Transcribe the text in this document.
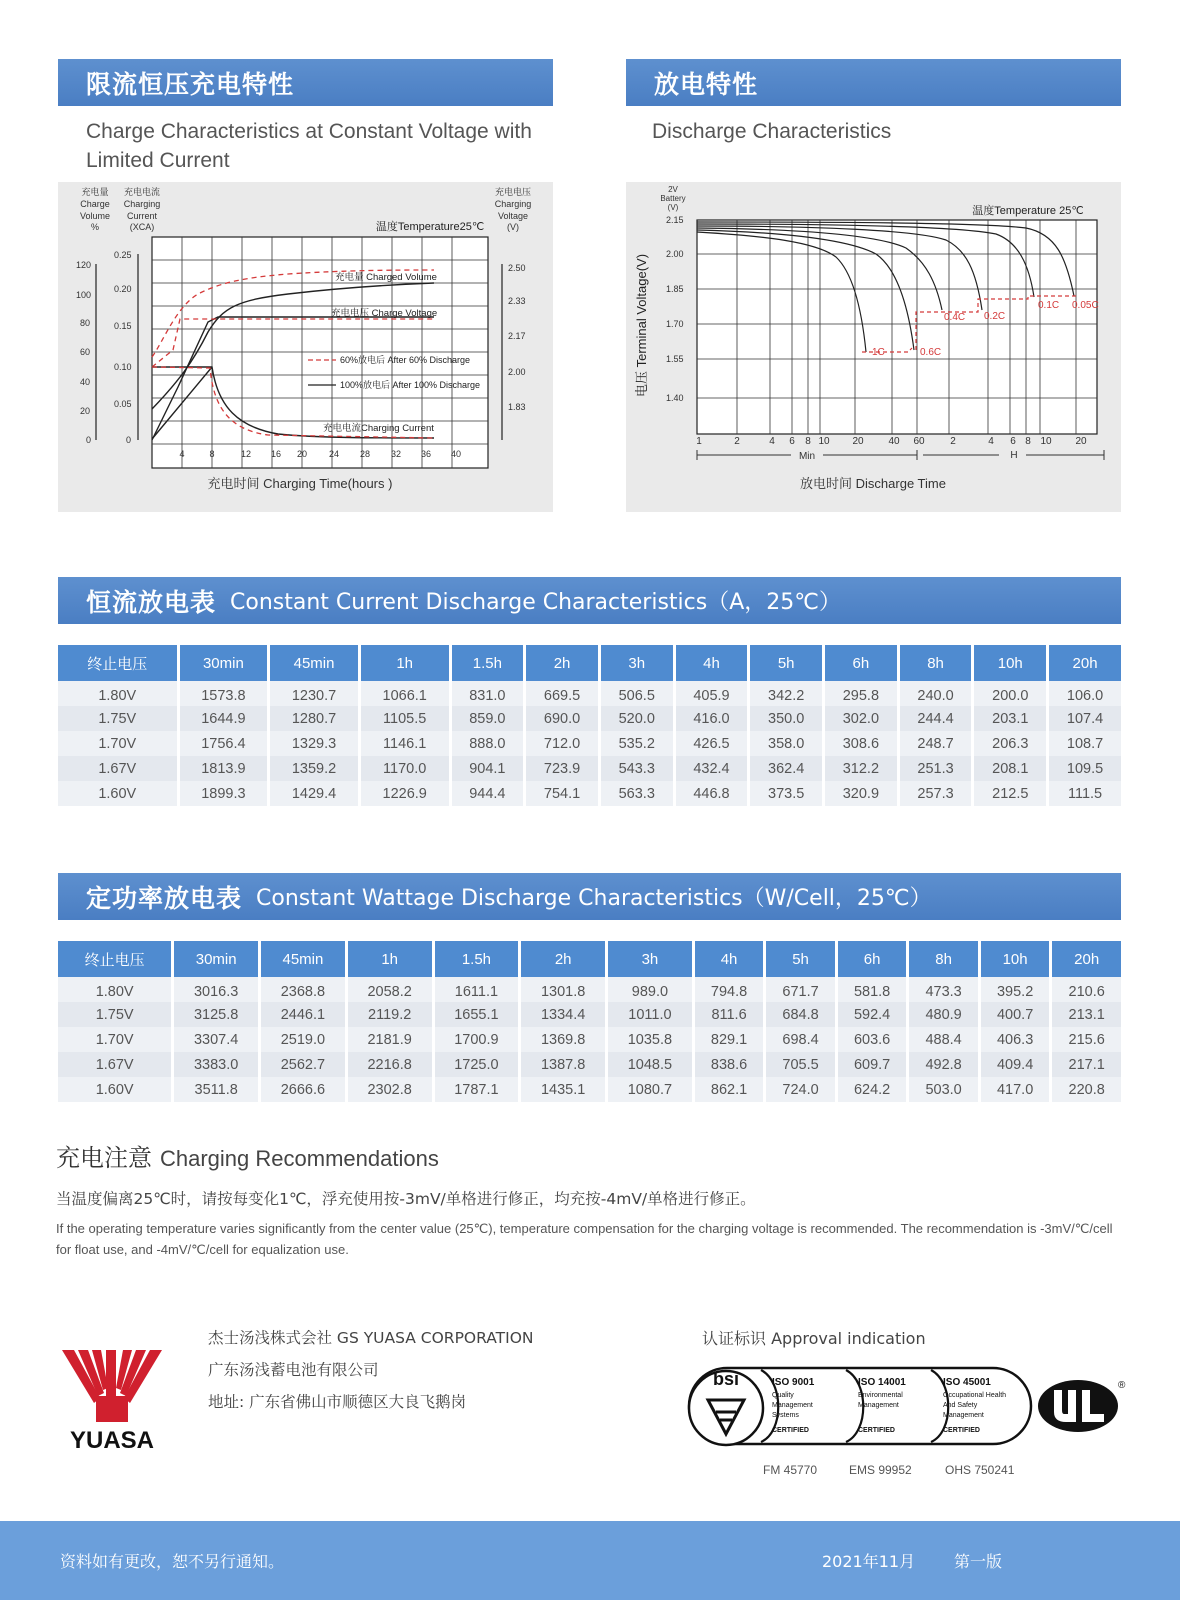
限流恒压充电特性
Charge Characteristics at Constant Voltage with
Limited Current
充电量
Charge
Volume
%
充电电流
Charging
Current
(XCA)
充电电压
Charging
Voltage
(V)
温度Temperature25℃
120
100
80
60
40
20
0
0.25
0.20
0.15
0.10
0.05
0
2.50
2.33
2.17
2.00
1.83
4	8	12 16 20 24 28 32 36 40
充电量 Charged Volume
充电电压 Charge Voltage
充电电流Charging Current
60%放电后 After 60% Discharge
100%放电后 After 100% Discharge
充电时间 Charging Time(hours )
放电特性
Discharge Characteristics
2V
Battery
(V)	温度Temperature 25℃
电压 Terminal Voltage(V)
2.15
2.00
1.85
1.70
1.55
1.40
1	2	4 6 8 10 20 40 60	2	4 6 8 10 20
Min	H
1C	0.6C
0.4C 0.2C
0.1C 0.05C
放电时间 Discharge Time
恒流放电表 Constant Current Discharge Characteristics（A，25℃）
终止电压	30min	45min	1h	1.5h	2h	3h	4h	5h	6h	8h	10h	20h
1.80V	1573.8	1230.7	1066.1	831.0	669.5	506.5	405.9	342.2	295.8	240.0	200.0	106.0
1.75V	1644.9	1280.7	1105.5	859.0	690.0	520.0	416.0	350.0	302.0	244.4	203.1	107.4
1.70V	1756.4	1329.3	1146.1	888.0	712.0	535.2	426.5	358.0	308.6	248.7	206.3	108.7
1.67V	1813.9	1359.2	1170.0	904.1	723.9	543.3	432.4	362.4	312.2	251.3	208.1	109.5
1.60V	1899.3	1429.4	1226.9	944.4	754.1	563.3	446.8	373.5	320.9	257.3	212.5	111.5
定功率放电表 Constant Wattage Discharge Characteristics（W/Cell，25℃）
终止电压	30min	45min	1h	1.5h	2h	3h	4h	5h	6h	8h	10h	20h
1.80V	3016.3	2368.8	2058.2	1611.1	1301.8	989.0	794.8	671.7	581.8	473.3	395.2	210.6
1.75V	3125.8	2446.1	2119.2	1655.1	1334.4	1011.0	811.6	684.8	592.4	480.9	400.7	213.1
1.70V	3307.4	2519.0	2181.9	1700.9	1369.8	1035.8	829.1	698.4	603.6	488.4	406.3	215.6
1.67V	3383.0	2562.7	2216.8	1725.0	1387.8	1048.5	838.6	705.5	609.7	492.8	409.4	217.1
1.60V	3511.8	2666.6	2302.8	1787.1	1435.1	1080.7	862.1	724.0	624.2	503.0	417.0	220.8
充电注意 Charging Recommendations
当温度偏离25℃时，请按每变化1℃，浮充使用按-3mV/单格进行修正，均充按-4mV/单格进行修正。
If the operating temperature varies significantly from the center value (25℃), temperature compensation for the charging voltage is recommended. The recommendation is -3mV/℃/cell for float use, and -4mV/℃/cell for equalization use.
YUASA
杰士汤浅株式会社 GS YUASA CORPORATION
广东汤浅蓄电池有限公司
地址: 广东省佛山市顺德区大良飞鹅岗
认证标识 Approval indication
bsi	ISO 9001
Quality
Management
Systems
CERTIFIED
ISO 14001
Environmental
Management
CERTIFIED
ISO 45001
Occupational Health
And Safety
Management
CERTIFIED
®
FM 45770	EMS 99952	OHS 750241
资料如有更改，恕不另行通知。	2021年11月 第一版
